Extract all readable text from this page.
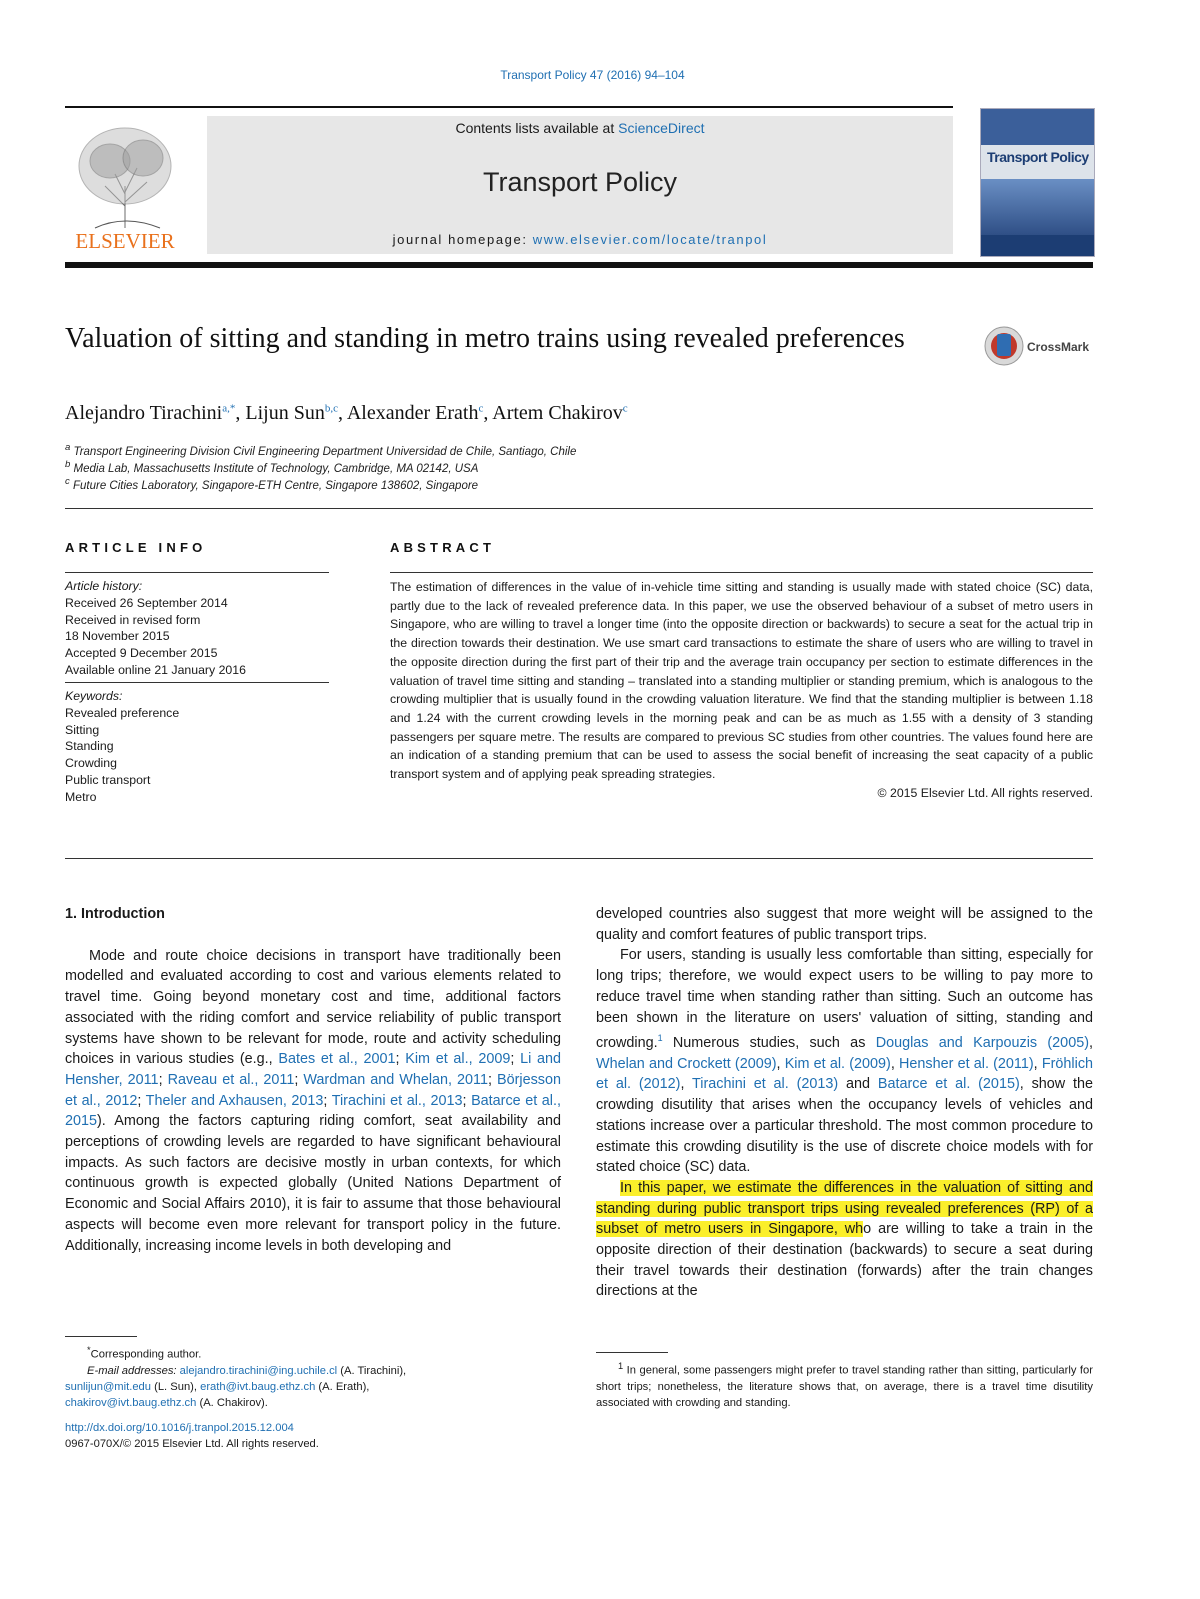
Transport Policy 47 (2016) 94–104
ELSEVIER
Contents lists available at ScienceDirect
Transport Policy
journal homepage: www.elsevier.com/locate/tranpol
Transport Policy
Valuation of sitting and standing in metro trains using revealed preferences	CrossMark
Alejandro Tirachini$^{a,*}$, Lijun Sun$^{b,c}$, Alexander Erath$^c$, Artem Chakirov$^c$
$^a$ Transport Engineering Division Civil Engineering Department Universidad de Chile, Santiago, Chile
$^b$ Media Lab, Massachusetts Institute of Technology, Cambridge, MA 02142, USA
$^c$ Future Cities Laboratory, Singapore-ETH Centre, Singapore 138602, Singapore
ARTICLE INFO
Article history:
Received 26 September 2014
Received in revised form
18 November 2015
Accepted 9 December 2015
Available online 21 January 2016
Keywords:
Revealed preference
Sitting
Standing
Crowding
Public transport
Metro
ABSTRACT
The estimation of differences in the value of in-vehicle time sitting and standing is usually made with stated choice (SC) data, partly due to the lack of revealed preference data. In this paper, we use the observed behaviour of a subset of metro users in Singapore, who are willing to travel a longer time (into the opposite direction or backwards) to secure a seat for the actual trip in the direction towards their destination. We use smart card transactions to estimate the share of users who are willing to travel in the opposite direction during the first part of their trip and the average train occupancy per section to estimate differences in the valuation of travel time sitting and standing – translated into a standing multiplier or standing premium, which is analogous to the crowding multiplier that is usually found in the crowding valuation literature. We find that the standing multiplier is between 1.18 and 1.24 with the current crowding levels in the morning peak and can be as much as 1.55 with a density of 3 standing passengers per square metre. The results are compared to previous SC studies from other countries. The values found here are an indication of a standing premium that can be used to assess the social benefit of increasing the seat capacity of a public transport system and of applying peak spreading strategies.
© 2015 Elsevier Ltd. All rights reserved.
1. Introduction

Mode and route choice decisions in transport have traditionally been modelled and evaluated according to cost and various elements related to travel time. Going beyond monetary cost and time, additional factors associated with the riding comfort and service reliability of public transport systems have shown to be relevant for mode, route and activity scheduling choices in various studies (e.g., Bates et al., 2001; Kim et al., 2009; Li and Hensher, 2011; Raveau et al., 2011; Wardman and Whelan, 2011; Börjesson et al., 2012; Theler and Axhausen, 2013; Tirachini et al., 2013; Batarce et al., 2015). Among the factors capturing riding comfort, seat availability and perceptions of crowding levels are regarded to have significant behavioural impacts. As such factors are decisive mostly in urban contexts, for which continuous growth is expected globally (United Nations Department of Economic and Social Affairs 2010), it is fair to assume that those behavioural aspects will become even more relevant for transport policy in the future. Additionally, increasing income levels in both developing and

*Corresponding author.
E-mail addresses: alejandro.tirachini@ing.uchile.cl (A. Tirachini),
sunlijun@mit.edu (L. Sun), erath@ivt.baug.ethz.ch (A. Erath),
chakirov@ivt.baug.ethz.ch (A. Chakirov).
http://dx.doi.org/10.1016/j.tranpol.2015.12.004
0967-070X/© 2015 Elsevier Ltd. All rights reserved.

developed countries also suggest that more weight will be assigned to the quality and comfort features of public transport trips.

For users, standing is usually less comfortable than sitting, especially for long trips; therefore, we would expect users to be willing to pay more to reduce travel time when standing rather than sitting. Such an outcome has been shown in the literature on users' valuation of sitting, standing and crowding.$^1$ Numerous studies, such as Douglas and Karpouzis (2005), Whelan and Crockett (2009), Kim et al. (2009), Hensher et al. (2011), Fröhlich et al. (2012), Tirachini et al. (2013) and Batarce et al. (2015), show the crowding disutility that arises when the occupancy levels of vehicles and stations increase over a particular threshold. The most common procedure to estimate this crowding disutility is the use of discrete choice models with for stated choice (SC) data.

In this paper, we estimate the differences in the valuation of sitting and standing during public transport trips using revealed preferences (RP) of a subset of metro users in Singapore, who are willing to take a train in the opposite direction of their destination (backwards) to secure a seat during their travel towards their destination (forwards) after the train changes directions at the

$^1$ In general, some passengers might prefer to travel standing rather than sitting, particularly for short trips; nonetheless, the literature shows that, on average, there is a travel time disutility associated with crowding and standing.
